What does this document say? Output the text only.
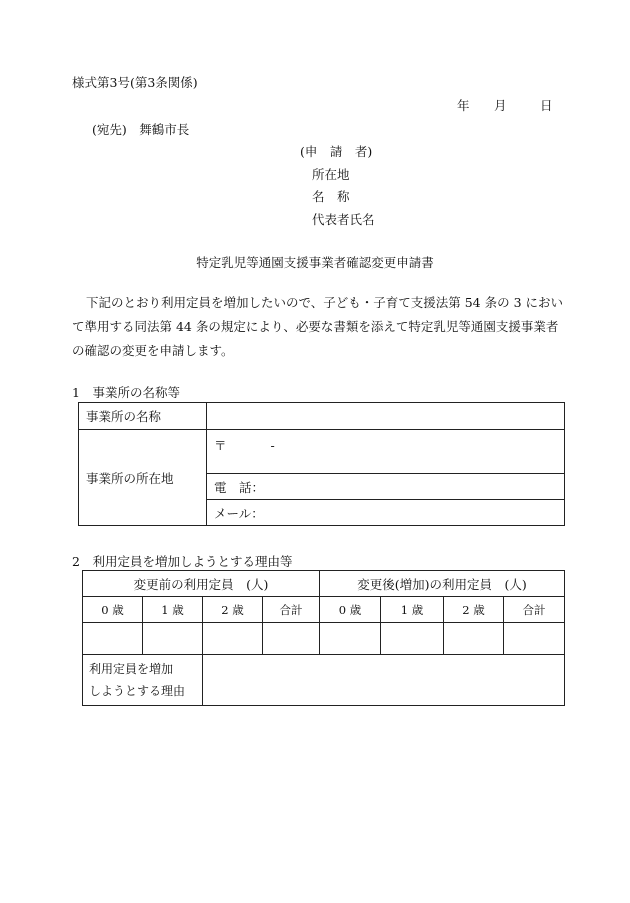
様式第3号(第3条関係)
年 月	日
(宛先)　舞鶴市長
(申　請　者)
所在地
名　称
代表者氏名
特定乳児等通園支援事業者確認変更申請書
下記のとおり利用定員を増加したいので、子ども・子育て支援法第 54 条の 3 において準用する同法第 44 条の規定により、必要な書類を添えて特定乳児等通園支援事業者の確認の変更を申請します。
1　事業所の名称等
事業所の名称	
事業所の所在地	〒 -
	電　話：
	メール：
2　利用定員を増加しようとする理由等
変更前の利用定員　(人)				変更後(増加)の利用定員　(人)			
0 歳	1 歳	2 歳	合計	0 歳	1 歳	2 歳	合計

利用定員を増加
しようとする理由							
